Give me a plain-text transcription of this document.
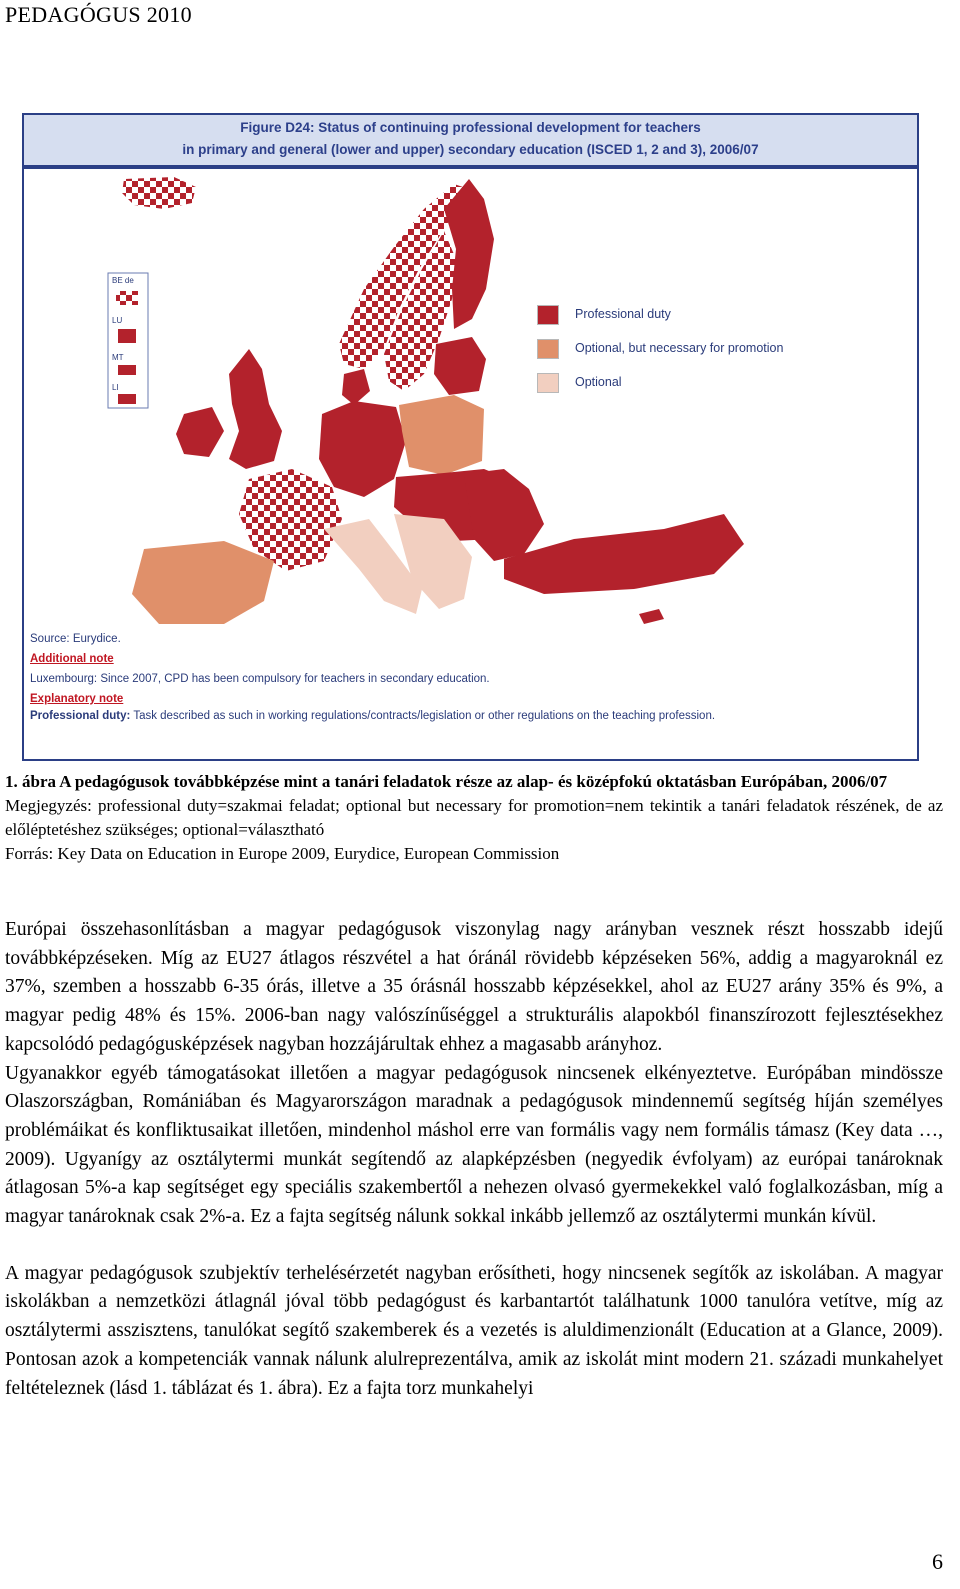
PEDAGÓGUS 2010
Figure D24: Status of continuing professional development for teachers
in primary and general (lower and upper) secondary education (ISCED 1, 2 and 3), 2006/07
BE de
LU
MT
LI
Professional duty
Optional, but necessary for promotion
Optional
Source: Eurydice.
Additional note
Luxembourg: Since 2007, CPD has been compulsory for teachers in secondary education.
Explanatory note
Professional duty: Task described as such in working regulations/contracts/legislation or other regulations on the teaching profession.

1. ábra A pedagógusok továbbképzése mint a tanári feladatok része az alap- és középfokú oktatásban Európában, 2006/07

Megjegyzés: professional duty=szakmai feladat; optional but necessary for promotion=nem tekintik a tanári feladatok részének, de az előléptetéshez szükséges; optional=választható

Forrás: Key Data on Education in Europe 2009, Eurydice, European Commission

Európai összehasonlításban a magyar pedagógusok viszonylag nagy arányban vesznek részt hosszabb idejű továbbképzéseken. Míg az EU27 átlagos részvétel a hat óránál rövidebb képzéseken 56%, addig a magyaroknál ez 37%, szemben a hosszabb 6-35 órás, illetve a 35 órásnál hosszabb képzésekkel, ahol az EU27 arány 35% és 9%, a magyar pedig 48% és 15%. 2006-ban nagy valószínűséggel a strukturális alapokból finanszírozott fejlesztésekhez kapcsolódó pedagógusképzések nagyban hozzájárultak ehhez a magasabb arányhoz.

Ugyanakkor egyéb támogatásokat illetően a magyar pedagógusok nincsenek elkényeztetve. Európában mindössze Olaszországban, Romániában és Magyarországon maradnak a pedagógusok mindennemű segítség híján személyes problémáikat és konfliktusaikat illetően, mindenhol máshol erre van formális vagy nem formális támasz (Key data …, 2009). Ugyanígy az osztálytermi munkát segítendő az alapképzésben (negyedik évfolyam) az európai tanároknak átlagosan 5%-a kap segítséget egy speciális szakembertől a nehezen olvasó gyermekekkel való foglalkozásban, míg a magyar tanároknak csak 2%-a. Ez a fajta segítség nálunk sokkal inkább jellemző az osztálytermi munkán kívül.

A magyar pedagógusok szubjektív terhelésérzetét nagyban erősítheti, hogy nincsenek segítők az iskolában. A magyar iskolákban a nemzetközi átlagnál jóval több pedagógust és karbantartót találhatunk 1000 tanulóra vetítve, míg az osztálytermi asszisztens, tanulókat segítő szakemberek és a vezetés is aluldimenzionált (Education at a Glance, 2009). Pontosan azok a kompetenciák vannak nálunk alulreprezentálva, amik az iskolát mint modern 21. századi munkahelyet feltételeznek (lásd 1. táblázat és 1. ábra). Ez a fajta torz munkahelyi

6
